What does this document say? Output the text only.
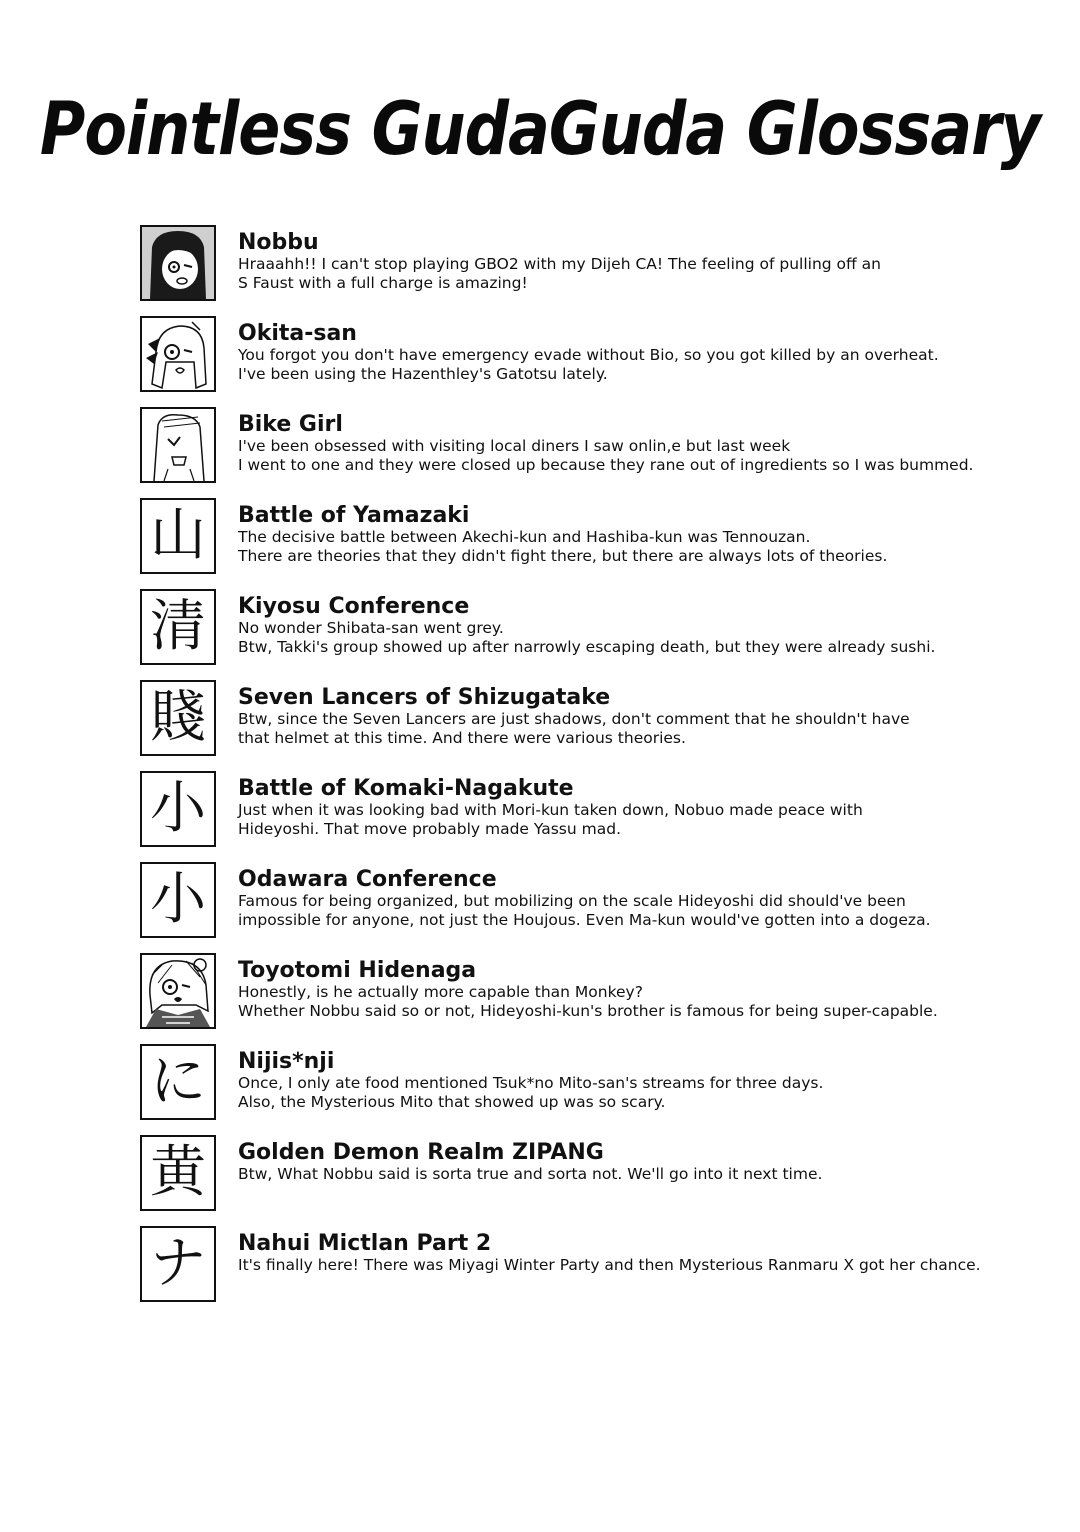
Pointless GudaGuda Glossary
Nobbu
Hraaahh!! I can't stop playing GBO2 with my Dijeh CA! The feeling of pulling off an
S Faust with a full charge is amazing!
Okita-san
You forgot you don't have emergency evade without Bio, so you got killed by an overheat.
I've been using the Hazenthley's Gatotsu lately.
Bike Girl
I've been obsessed with visiting local diners I saw onlin,e but last week
I went to one and they were closed up because they rane out of ingredients so I was bummed.
山 Battle of Yamazaki
The decisive battle between Akechi-kun and Hashiba-kun was Tennouzan.
There are theories that they didn't fight there, but there are always lots of theories.
清 Kiyosu Conference
No wonder Shibata-san went grey.
Btw, Takki's group showed up after narrowly escaping death, but they were already sushi.
賤 Seven Lancers of Shizugatake
Btw, since the Seven Lancers are just shadows, don't comment that he shouldn't have
that helmet at this time. And there were various theories.
小 Battle of Komaki-Nagakute
Just when it was looking bad with Mori-kun taken down, Nobuo made peace with
Hideyoshi. That move probably made Yassu mad.
小 Odawara Conference
Famous for being organized, but mobilizing on the scale Hideyoshi did should've been
impossible for anyone, not just the Houjous. Even Ma-kun would've gotten into a dogeza.
Toyotomi Hidenaga
Honestly, is he actually more capable than Monkey?
Whether Nobbu said so or not, Hideyoshi-kun's brother is famous for being super-capable.
に Nijis*nji
Once, I only ate food mentioned Tsuk*no Mito-san's streams for three days.
Also, the Mysterious Mito that showed up was so scary.
黄 Golden Demon Realm ZIPANG
Btw, What Nobbu said is sorta true and sorta not. We'll go into it next time.
ナ Nahui Mictlan Part 2
It's finally here! There was Miyagi Winter Party and then Mysterious Ranmaru X got her chance.
